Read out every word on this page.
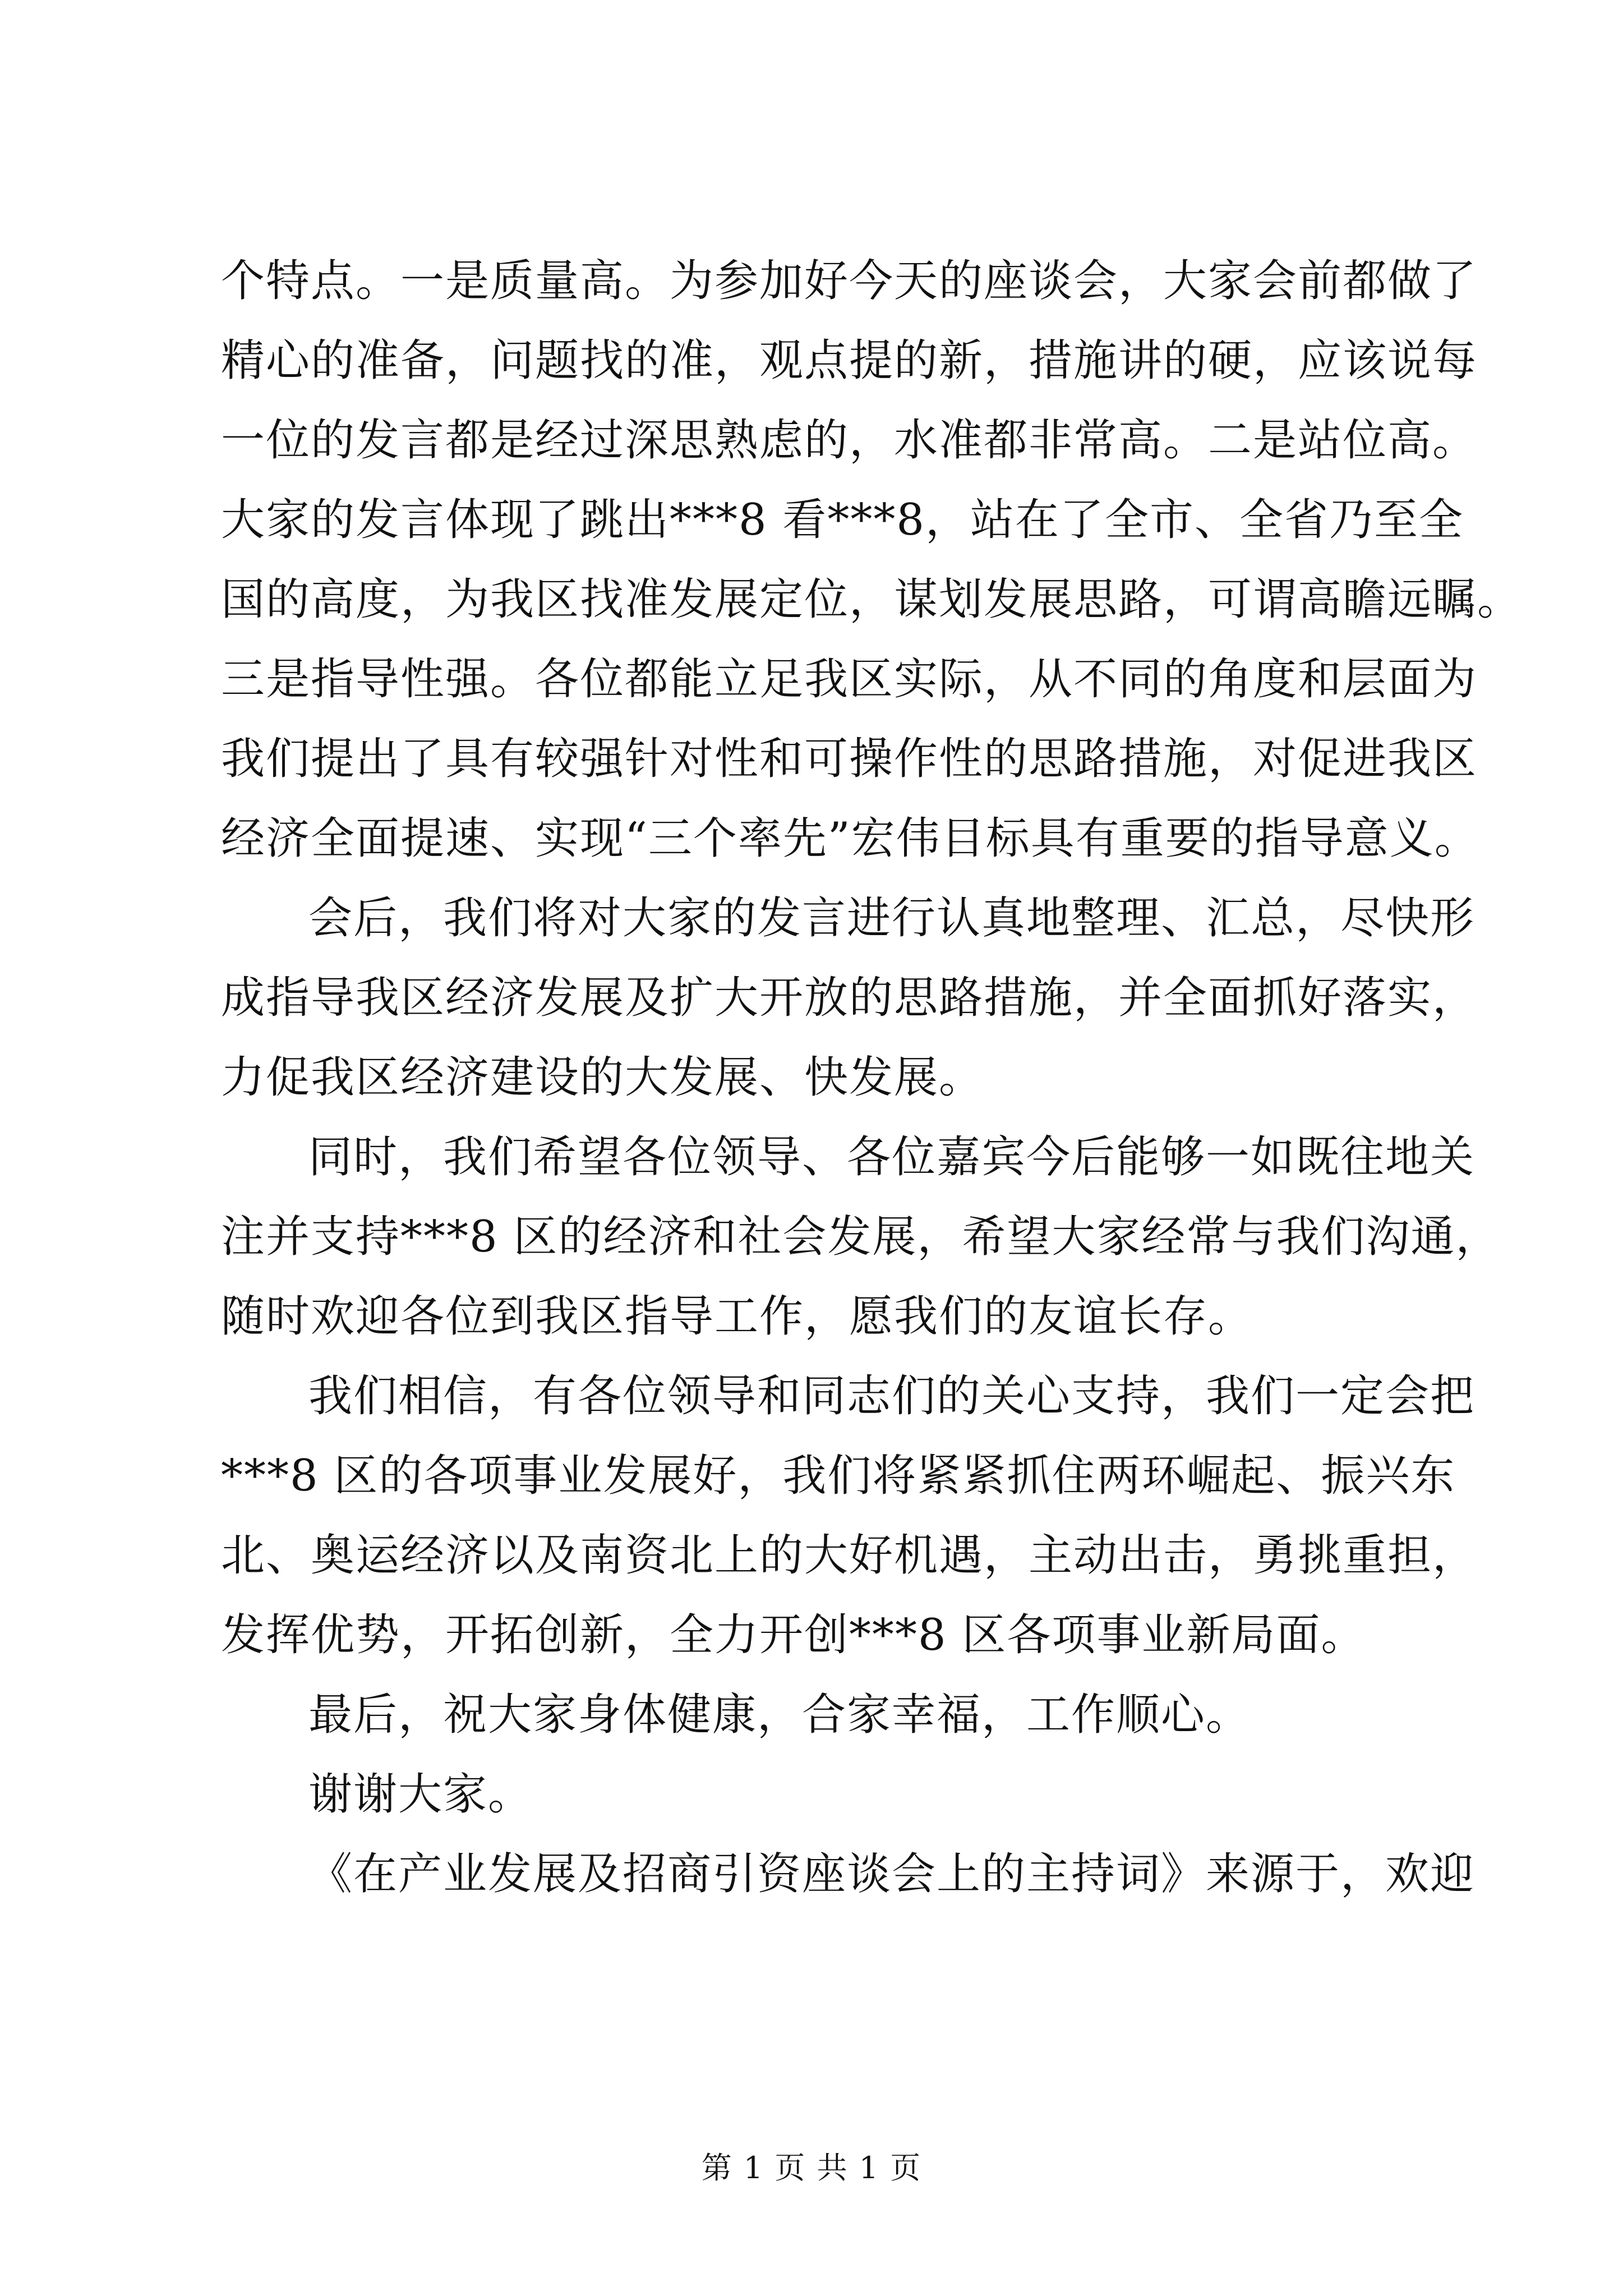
个特点。一是质量高。为参加好今天的座谈会，大家会前都做了
精心的准备，问题找的准，观点提的新，措施讲的硬，应该说每
一位的发言都是经过深思熟虑的，水准都非常高。二是站位高。
大家的发言体现了跳出***8 看***8，站在了全市、全省乃至全
国的高度，为我区找准发展定位，谋划发展思路，可谓高瞻远瞩。
三是指导性强。各位都能立足我区实际，从不同的角度和层面为
我们提出了具有较强针对性和可操作性的思路措施，对促进我区
经济全面提速、实现“三个率先”宏伟目标具有重要的指导意义。
会后，我们将对大家的发言进行认真地整理、汇总，尽快形
成指导我区经济发展及扩大开放的思路措施，并全面抓好落实，
力促我区经济建设的大发展、快发展。
同时，我们希望各位领导、各位嘉宾今后能够一如既往地关
注并支持***8 区的经济和社会发展，希望大家经常与我们沟通，
随时欢迎各位到我区指导工作，愿我们的友谊长存。
我们相信，有各位领导和同志们的关心支持，我们一定会把
***8 区的各项事业发展好，我们将紧紧抓住两环崛起、振兴东
北、奥运经济以及南资北上的大好机遇，主动出击，勇挑重担，
发挥优势，开拓创新，全力开创***8 区各项事业新局面。
最后，祝大家身体健康，合家幸福，工作顺心。
谢谢大家。
《在产业发展及招商引资座谈会上的主持词》来源于，欢迎
第 1 页 共 1 页
